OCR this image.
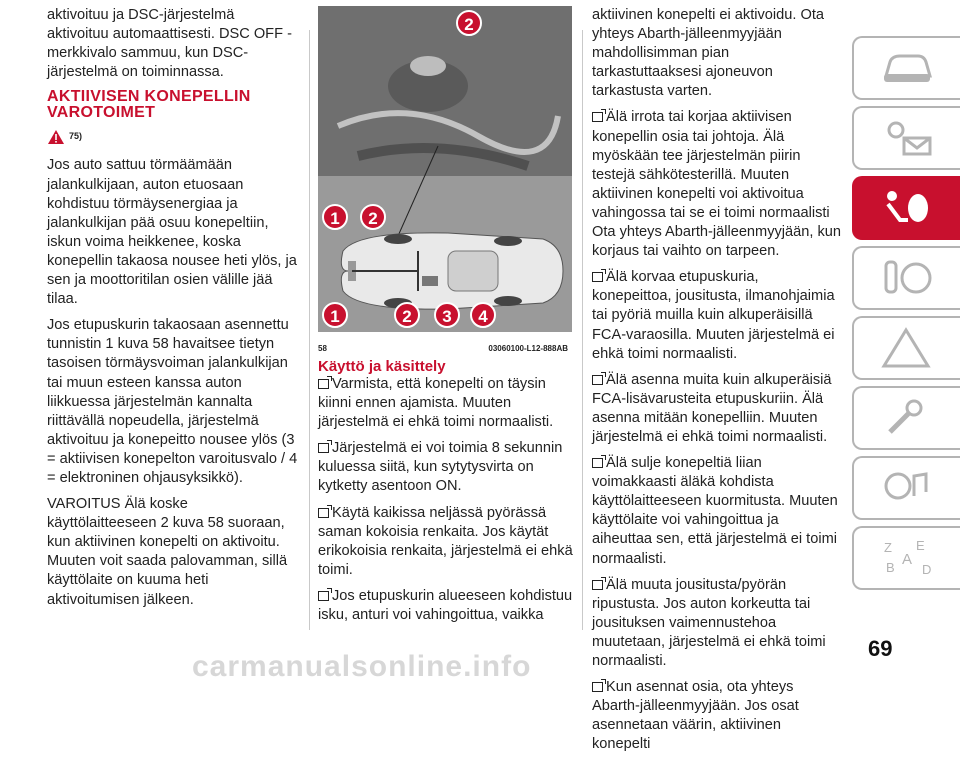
aktivoituu ja DSC-järjestelmä aktivoituu automaattisesti. DSC OFF -merkkivalo sammuu, kun DSC-järjestelmä on toiminnassa.

AKTIIVISEN KONEPELLIN VAROTOIMET
75)

Jos auto sattuu törmäämään jalankulkijaan, auton etuosaan kohdistuu törmäysenergiaa ja jalankulkijan pää osuu konepeltiin, iskun voima heikkenee, koska konepellin takaosa nousee heti ylös, ja sen ja moottoritilan osien välille jää tilaa.

Jos etupuskurin takaosaan asennettu tunnistin 1 kuva 58 havaitsee tietyn tasoisen törmäysvoiman jalankulkijan tai muun esteen kanssa auton liikkuessa järjestelmän kannalta riittävällä nopeudella, järjestelmä aktivoituu ja konepeitto nousee ylös (3 = aktiivisen konepelton varoitusvalo / 4 = elektroninen ohjausyksikkö).

VAROITUS Älä koske käyttölaitteeseen 2 kuva 58 suoraan, kun aktiivinen konepelti on aktivoitu. Muuten voit saada palovamman, sillä käyttölaite on kuuma heti aktivoitumisen jälkeen.

2
1	2
1	2	3	4
58	03060100-L12-888AB
Käyttö ja käsittely

Varmista, että konepelti on täysin kiinni ennen ajamista. Muuten järjestelmä ei ehkä toimi normaalisti.

Järjestelmä ei voi toimia 8 sekunnin kuluessa siitä, kun sytytysvirta on kytketty asentoon ON.

Käytä kaikissa neljässä pyörässä saman kokoisia renkaita. Jos käytät erikokoisia renkaita, järjestelmä ei ehkä toimi.

Jos etupuskurin alueeseen kohdistuu isku, anturi voi vahingoittua, vaikka

aktiivinen konepelti ei aktivoidu. Ota yhteys Abarth-jälleenmyyjään mahdollisimman pian tarkastuttaaksesi ajoneuvon tarkastusta varten.

Älä irrota tai korjaa aktiivisen konepellin osia tai johtoja. Älä myöskään tee järjestelmän piirin testejä sähkötesterillä. Muuten aktiivinen konepelti voi aktivoitua vahingossa tai se ei toimi normaalisti Ota yhteys Abarth-jälleenmyyjään, kun korjaus tai vaihto on tarpeen.

Älä korvaa etupuskuria, konepeittoa, jousitusta, ilmanohjaimia tai pyöriä muilla kuin alkuperäisillä FCA-varaosilla. Muuten järjestelmä ei ehkä toimi normaalisti.

Älä asenna muita kuin alkuperäisiä FCA-lisävarusteita etupuskuriin. Älä asenna mitään konepelliin. Muuten järjestelmä ei ehkä toimi normaalisti.

Älä sulje konepeltiä liian voimakkaasti äläkä kohdista käyttölaitteeseen kuormitusta. Muuten käyttölaite voi vahingoittua ja aiheuttaa sen, että järjestelmä ei toimi normaalisti.

Älä muuta jousitusta/pyörän ripustusta. Jos auton korkeutta tai jousituksen vaimennustehoa muutetaan, järjestelmä ei ehkä toimi normaalisti.

Kun asennat osia, ota yhteys Abarth-jälleenmyyjään. Jos osat asennetaan väärin, aktiivinen konepelti

Z E
A
B D
69
carmanualsonline.info
